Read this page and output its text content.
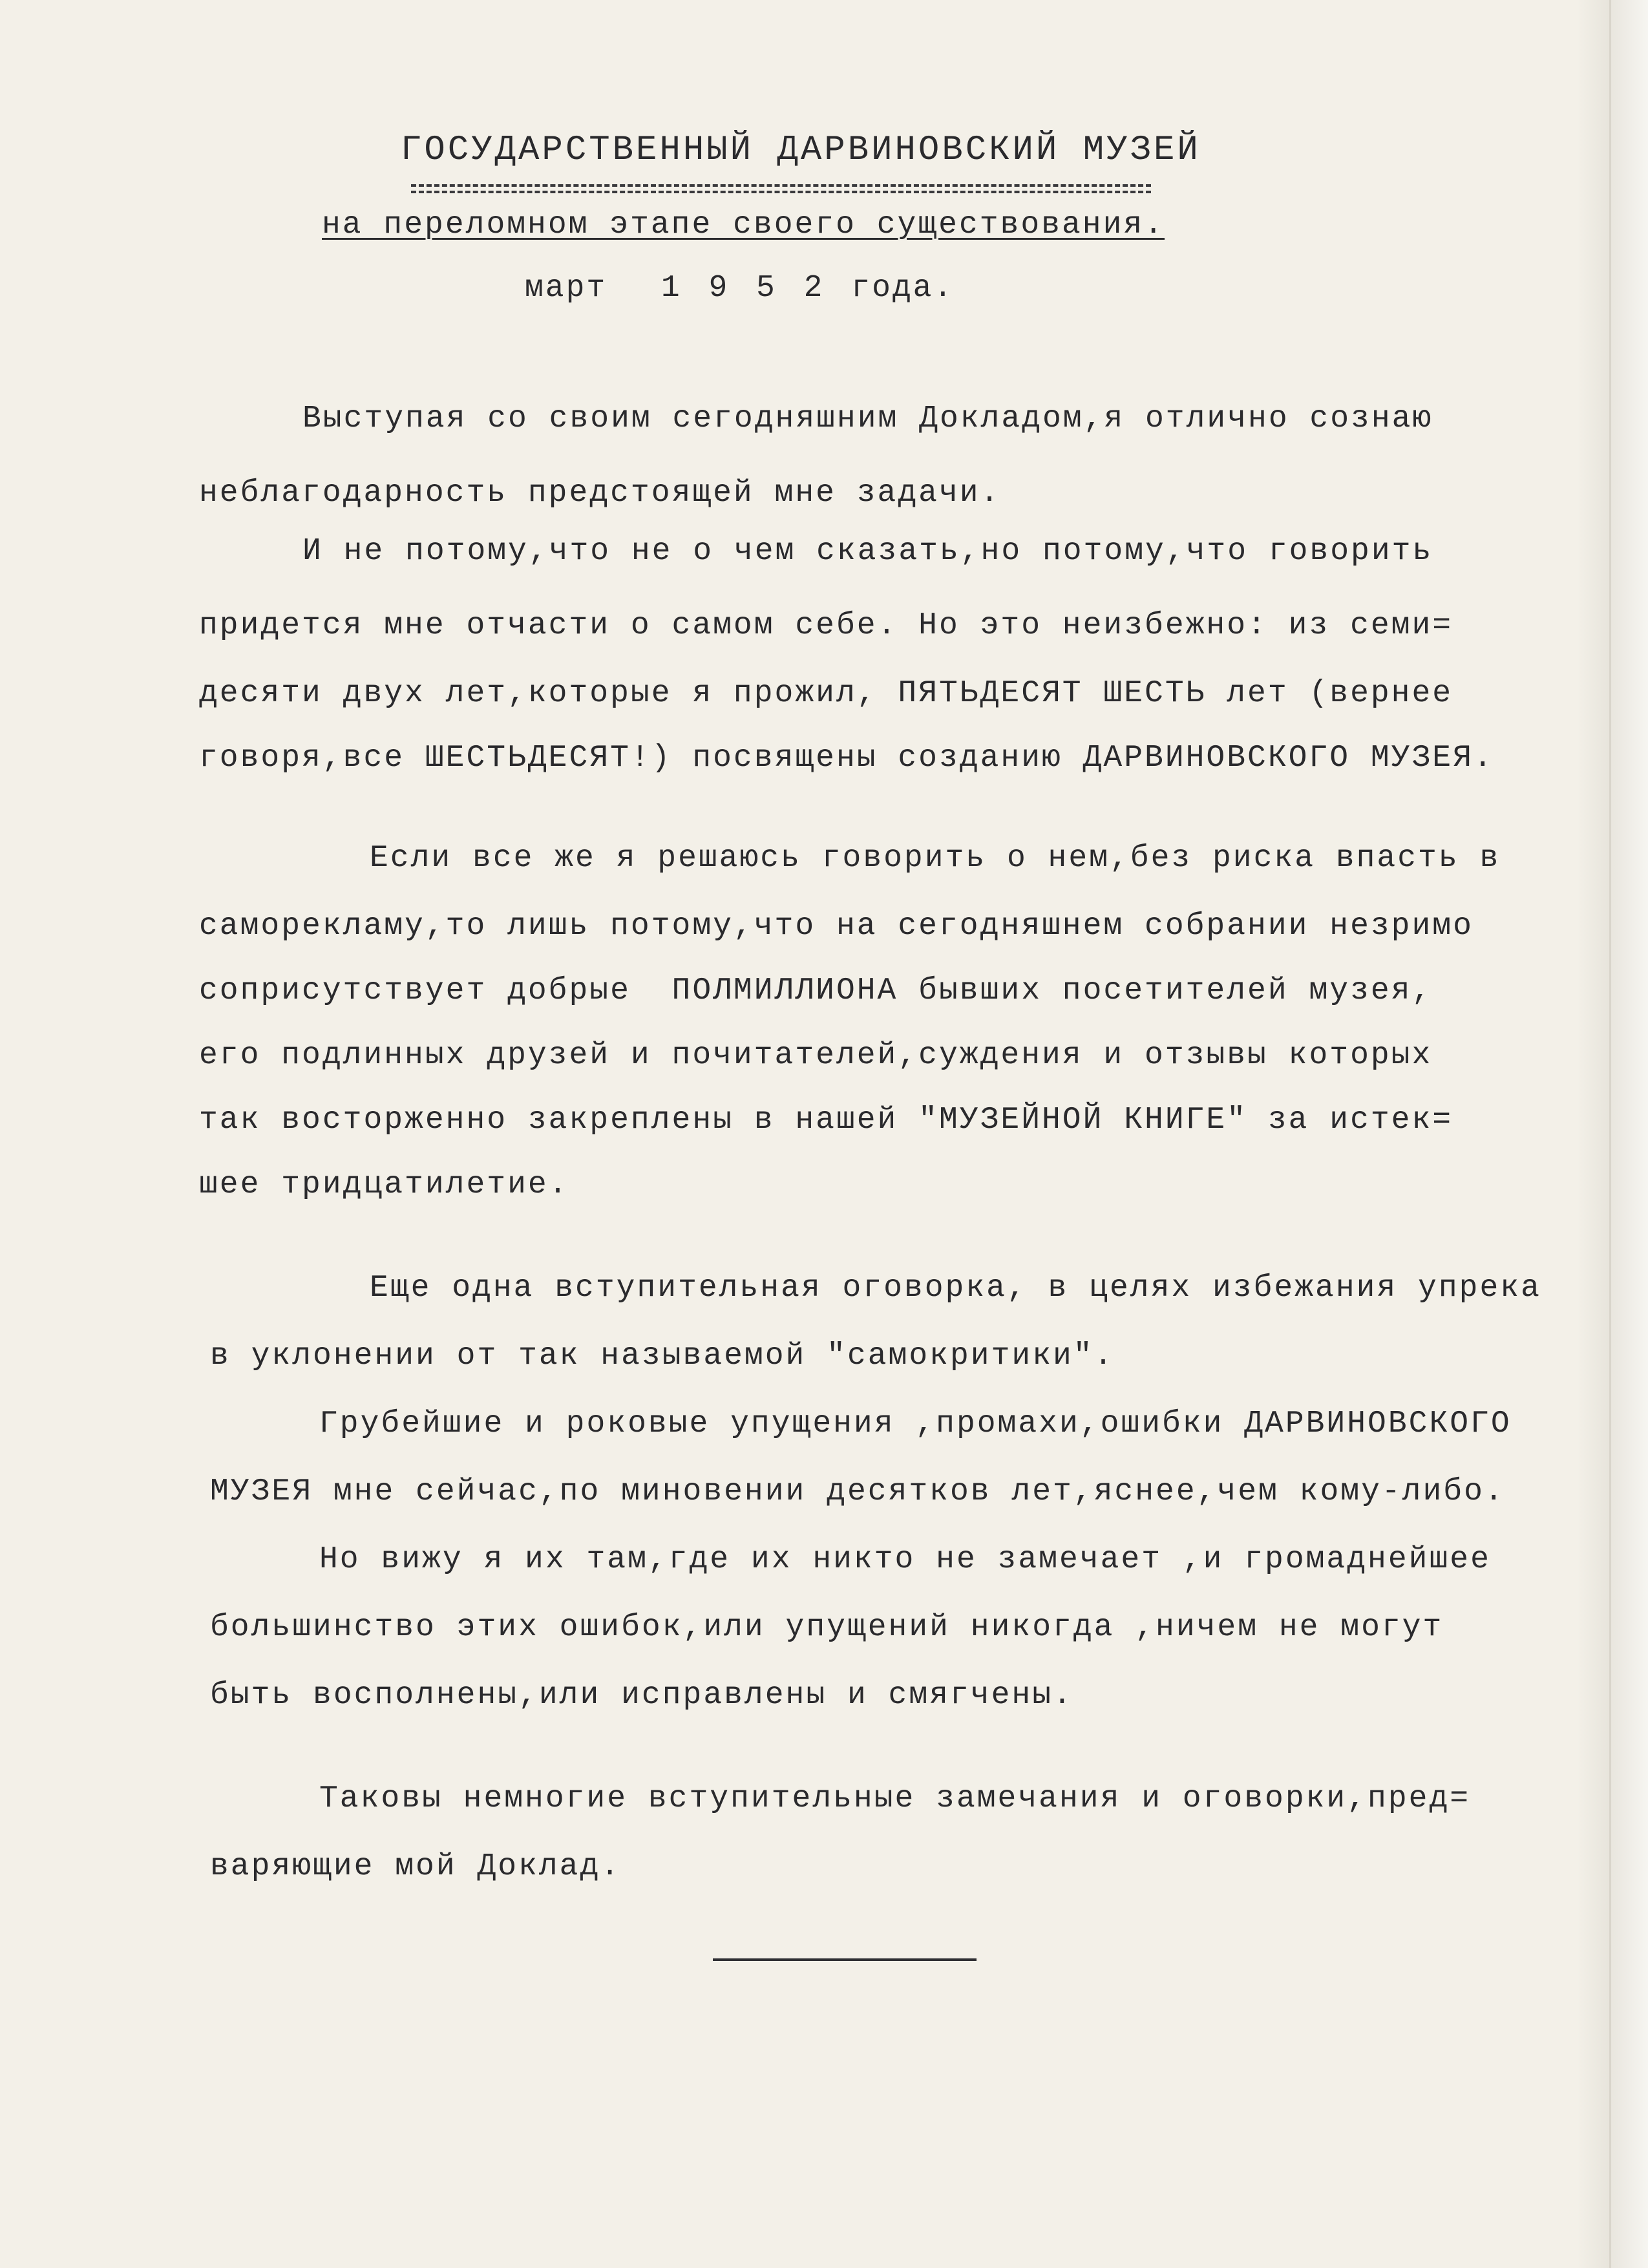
ГОСУДАРСТВЕННЫЙ ДАРВИНОВСКИЙ МУЗЕЙ
на переломном этапе своего существования.
март  1 9 5 2 года.
Выступая со своим сегодняшним Докладом,я отлично сознаю
неблагодарность предстоящей мне задачи.
И не потому,что не о чем сказать,но потому,что говорить
придется мне отчасти о самом себе. Но это неизбежно: из семи=
десяти двух лет,которые я прожил, ПЯТЬДЕСЯТ ШЕСТЬ лет (вернее
говоря,все ШЕСТЬДЕСЯТ!) посвящены созданию ДАРВИНОВСКОГО МУЗЕЯ.
Если все же я решаюсь говорить о нем,без риска впасть в
саморекламу,то лишь потому,что на сегодняшнем собрании незримо
соприсутствует добрые  ПОЛМИЛЛИОНА бывших посетителей музея,
его подлинных друзей и почитателей,суждения и отзывы которых
так восторженно закреплены в нашей "МУЗЕЙНОЙ КНИГЕ" за истек=
шее тридцатилетие.
Еще одна вступительная оговорка, в целях избежания упрека
в уклонении от так называемой "самокритики".
Грубейшие и роковые упущения ,промахи,ошибки ДАРВИНОВСКОГО
МУЗЕЯ мне сейчас,по миновении десятков лет,яснее,чем кому-либо.
Но вижу я их там,где их никто не замечает ,и громаднейшее
большинство этих ошибок,или упущений никогда ,ничем не могут
быть восполнены,или исправлены и смягчены.
Таковы немногие вступительные замечания и оговорки,пред=
варяющие мой Доклад.
